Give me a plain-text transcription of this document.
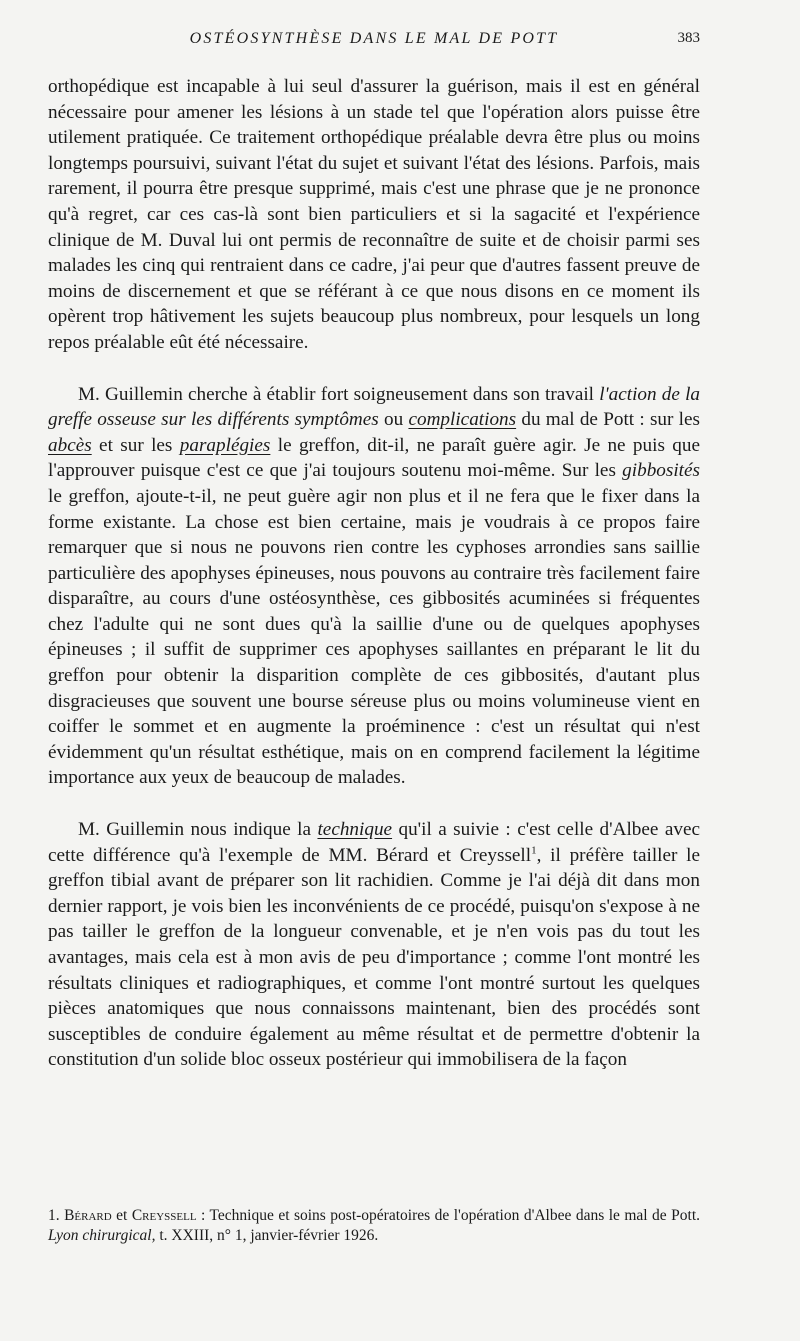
OSTÉOSYNTHÈSE DANS LE MAL DE POTT	383

orthopédique est incapable à lui seul d'assurer la guérison, mais il est en général nécessaire pour amener les lésions à un stade tel que l'opération alors puisse être utilement pratiquée. Ce traitement orthopédique préalable devra être plus ou moins longtemps poursuivi, suivant l'état du sujet et suivant l'état des lésions. Parfois, mais rarement, il pourra être presque supprimé, mais c'est une phrase que je ne prononce qu'à regret, car ces cas-là sont bien particuliers et si la sagacité et l'expérience clinique de M. Duval lui ont permis de reconnaître de suite et de choisir parmi ses malades les cinq qui rentraient dans ce cadre, j'ai peur que d'autres fassent preuve de moins de discernement et que se référant à ce que nous disons en ce moment ils opèrent trop hâtivement les sujets beaucoup plus nombreux, pour lesquels un long repos préalable eût été nécessaire.

M. Guillemin cherche à établir fort soigneusement dans son travail l'action de la greffe osseuse sur les différents symptômes ou complications du mal de Pott : sur les abcès et sur les paraplégies le greffon, dit-il, ne paraît guère agir. Je ne puis que l'approuver puisque c'est ce que j'ai toujours soutenu moi-même. Sur les gibbosités le greffon, ajoute-t-il, ne peut guère agir non plus et il ne fera que le fixer dans la forme existante. La chose est bien certaine, mais je voudrais à ce propos faire remarquer que si nous ne pouvons rien contre les cyphoses arrondies sans saillie particulière des apophyses épineuses, nous pouvons au contraire très facilement faire disparaître, au cours d'une ostéosynthèse, ces gibbosités acuminées si fréquentes chez l'adulte qui ne sont dues qu'à la saillie d'une ou de quelques apophyses épineuses ; il suffit de supprimer ces apophyses saillantes en préparant le lit du greffon pour obtenir la disparition complète de ces gibbosités, d'autant plus disgracieuses que souvent une bourse séreuse plus ou moins volumineuse vient en coiffer le sommet et en augmente la proéminence : c'est un résultat qui n'est évidemment qu'un résultat esthétique, mais on en comprend facilement la légitime importance aux yeux de beaucoup de malades.

M. Guillemin nous indique la technique qu'il a suivie : c'est celle d'Albee avec cette différence qu'à l'exemple de MM. Bérard et Creyssell$^1$, il préfère tailler le greffon tibial avant de préparer son lit rachidien. Comme je l'ai déjà dit dans mon dernier rapport, je vois bien les inconvénients de ce procédé, puisqu'on s'expose à ne pas tailler le greffon de la longueur convenable, et je n'en vois pas du tout les avantages, mais cela est à mon avis de peu d'importance ; comme l'ont montré les résultats cliniques et radiographiques, et comme l'ont montré surtout les quelques pièces anatomiques que nous connaissons maintenant, bien des procédés sont susceptibles de conduire également au même résultat et de permettre d'obtenir la constitution d'un solide bloc osseux postérieur qui immobilisera de la façon

1. Bérard et Creyssell : Technique et soins post-opératoires de l'opération d'Albee dans le mal de Pott. Lyon chirurgical, t. XXIII, n° 1, janvier-février 1926.
